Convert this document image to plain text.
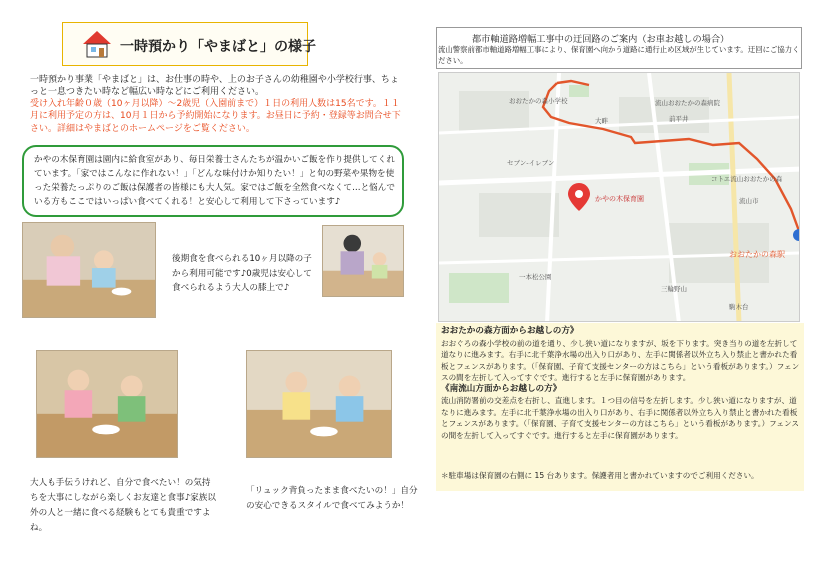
一時預かり「やまばと」の様子
一時預かり事業「やまばと」は、お仕事の時や、上のお子さんの幼稚園や小学校行事、ちょっと一息つきたい時など幅広い時などにご利用ください。
受け入れ年齢０歳（10ヶ月以降）～2歳児（入園前まで）１日の利用人数は15名です。１１月に利用予定の方は、10月１日から予約開始になります。お昼日に予約・登録等お問合せ下さい。詳細はやまばとのホームページをご覧ください。
かやの木保育園は園内に給食室があり、毎日栄養士さんたちが温かいご飯を作り提供してくれています。「家ではこんなに作れない！」「どんな味付けか知りたい！」と旬の野菜や果物を使った栄養たっぷりのご飯は保護者の皆様にも大人気。家ではご飯を全然食べなくて…と悩んでいる方もここではいっぱい食べてくれる！と安心して利用して下さっています♪
後期食を食べられる10ヶ月以降の子から利用可能です♪0歳児は安心して食べられるよう大人の膝上で♪
大人も手伝うけれど、自分で食べたい！の気持ちを大事にしながら楽しくお友達と食事♪家族以外の人と一緒に食べる経験もとても貴重ですよね。
「リュック背負ったまま食べたいの！」自分の安心できるスタイルで食べてみようか！
都市軸道路増幅工事中の迂回路のご案内（お車お越しの場合）
流山警察前都市軸道路増幅工事により、保育園へ向かう道路に通行止め区域が生じています。迂回にご協力ください。
おおたかの森小学校	流山おおたかの森病院
大畔	前平井
セブン-イレブン
かやの木保育園
三輪野山
一本松公園
コトエ流山おおたかの森
駒木台
流山市
おおたかの森駅
おおたかの森方面からお越しの方》
おおぐろの森小学校の前の道を通り、少し狭い道になりますが、坂を下ります。突き当りの道を左折して道なりに進みます。右手に北千葉浄水場の出入り口があり、左手に関係者以外立ち入り禁止と書かれた看板とフェンスがあります。（「保育園、子育て支援センターの方はこちら」という看板があります。）フェンスの間を左折して入ってすぐです。進行すると左手に保育園があります。
《南流山方面からお越しの方》
流山消防署前の交差点を右折し、直進します。１つ目の信号を左折します。少し狭い道になりますが、道なりに進みます。左手に北千葉浄水場の出入り口があり、右手に関係者以外立ち入り禁止と書かれた看板とフェンスがあります。（「保育園、子育て支援センターの方はこちら」という看板があります。）フェンスの間を左折して入ってすぐです。進行すると左手に保育園があります。
＊駐車場は保育園の右側に 15 台あります。保護者用と書かれていますのでご利用ください。
